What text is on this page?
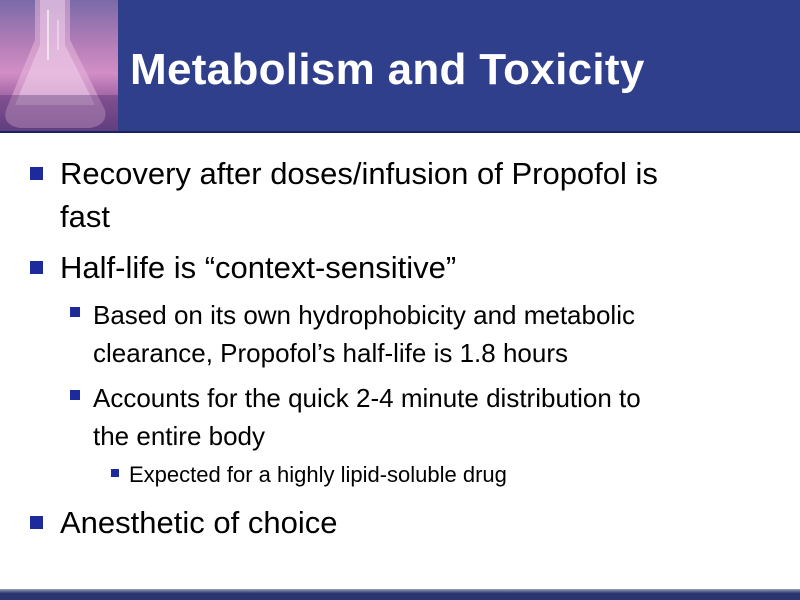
Metabolism and Toxicity
Recovery after doses/infusion of Propofol is
fast
Half-life is “context-sensitive”
Based on its own hydrophobicity and metabolic
clearance, Propofol’s half-life is 1.8 hours
Accounts for the quick 2-4 minute distribution to
the entire body
Expected for a highly lipid-soluble drug
Anesthetic of choice
